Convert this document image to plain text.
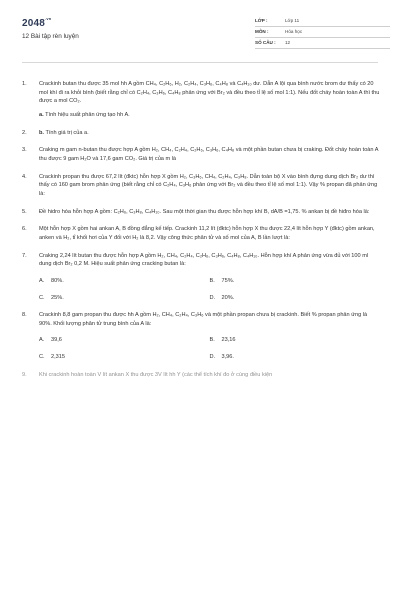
$2048^{.vn}$
12 Bài tập rèn luyện
LỚP :	Lớp 11
MÔN :	Hóa học
SỐ CÂU :	12
1.	Crackinh butan thu được 35 mol hh A gồm CH₄, C₂H₆, H₂, C₂H₄, C₃H₆, C₄H₈ và C₄H₁₀ dư. Dẫn A lội qua bình nước brom dư thấy có 20 mol khí đi ra khỏi bình (biết rằng chỉ có C₂H₄, C₃H₆, C₄H₈ phản ứng với Br₂ và đều theo tỉ lệ số mol 1:1). Nếu đốt cháy hoàn toàn A thì thu được a mol CO₂.
a. Tính hiệu suất phản ứng tạo hh A.
2.	b. Tính giá trị của a.
3.	Craking m gam n-butan thu được hợp A gồm H₂, CH₄, C₂H₄, C₂H₆, C₃H₆, C₄H₈ và một phần butan chưa bị craking. Đốt cháy hoàn toàn A thu được 9 gam H₂O và 17,6 gam CO₂. Giá trị của m là
4.	Crackinh propan thu được 67,2 lít (đktc) hỗn hợp X gồm H₂, C₃H₆, CH₄, C₂H₄, C₃H₈. Dẫn toàn bộ X vào bình đựng dung dịch Br₂ dư thì thấy có 160 gam brom phản ứng (biết rằng chỉ có C₂H₄, C₃H₆ phản ứng với Br₂ và đều theo tỉ lệ số mol 1:1). Vậy % propan đã phản ứng là:
5.	Đề hidro hóa hỗn hợp A gồm: C₂H₆, C₃H₈, C₄H₁₀. Sau một thời gian thu được hỗn hợp khí B, dA/B =1,75. % ankan bị đề hiđro hóa là:
6.	Một hỗn hợp X gồm hai ankan A, B đồng đẳng kế tiếp. Crackinh 11,2 lít (đktc) hỗn hợp X thu được 22,4 lít hỗn hợp Y (đktc) gồm ankan, anken và H₂, tỉ khối hơi của Y đối với H₂ là 8,2. Vậy công thức phân tử và số mol của A, B lần lượt là:
7.	Craking 2,24 lít butan thu được hỗn hợp A gồm H₂, CH₄, C₂H₄, C₂H₆, C₃H₆, C₄H₈, C₄H₁₀. Hỗn hợp khí A phản ứng vừa đủ với 100 ml dung dịch Br₂ 0,2 M. Hiệu suất phản ứng cracking butan là:
A.	80%.	B.	75%.
C.	25%.	D.	20%.
8.	Crackinh 8,8 gam propan thu được hh A gồm H₂, CH₄, C₂H₄, C₃H₆ và một phần propan chưa bị crackinh. Biết % propan phản ứng là 90%. Khối lượng phân tử trung bình của A là:
A.	39,6	B.	23,16
C.	2,315	D.	3,96.
9.	Khi crackinh hoàn toàn V lít ankan X thu được 3V lít hh Y (các thể tích khí đo ở cùng điều kiện
